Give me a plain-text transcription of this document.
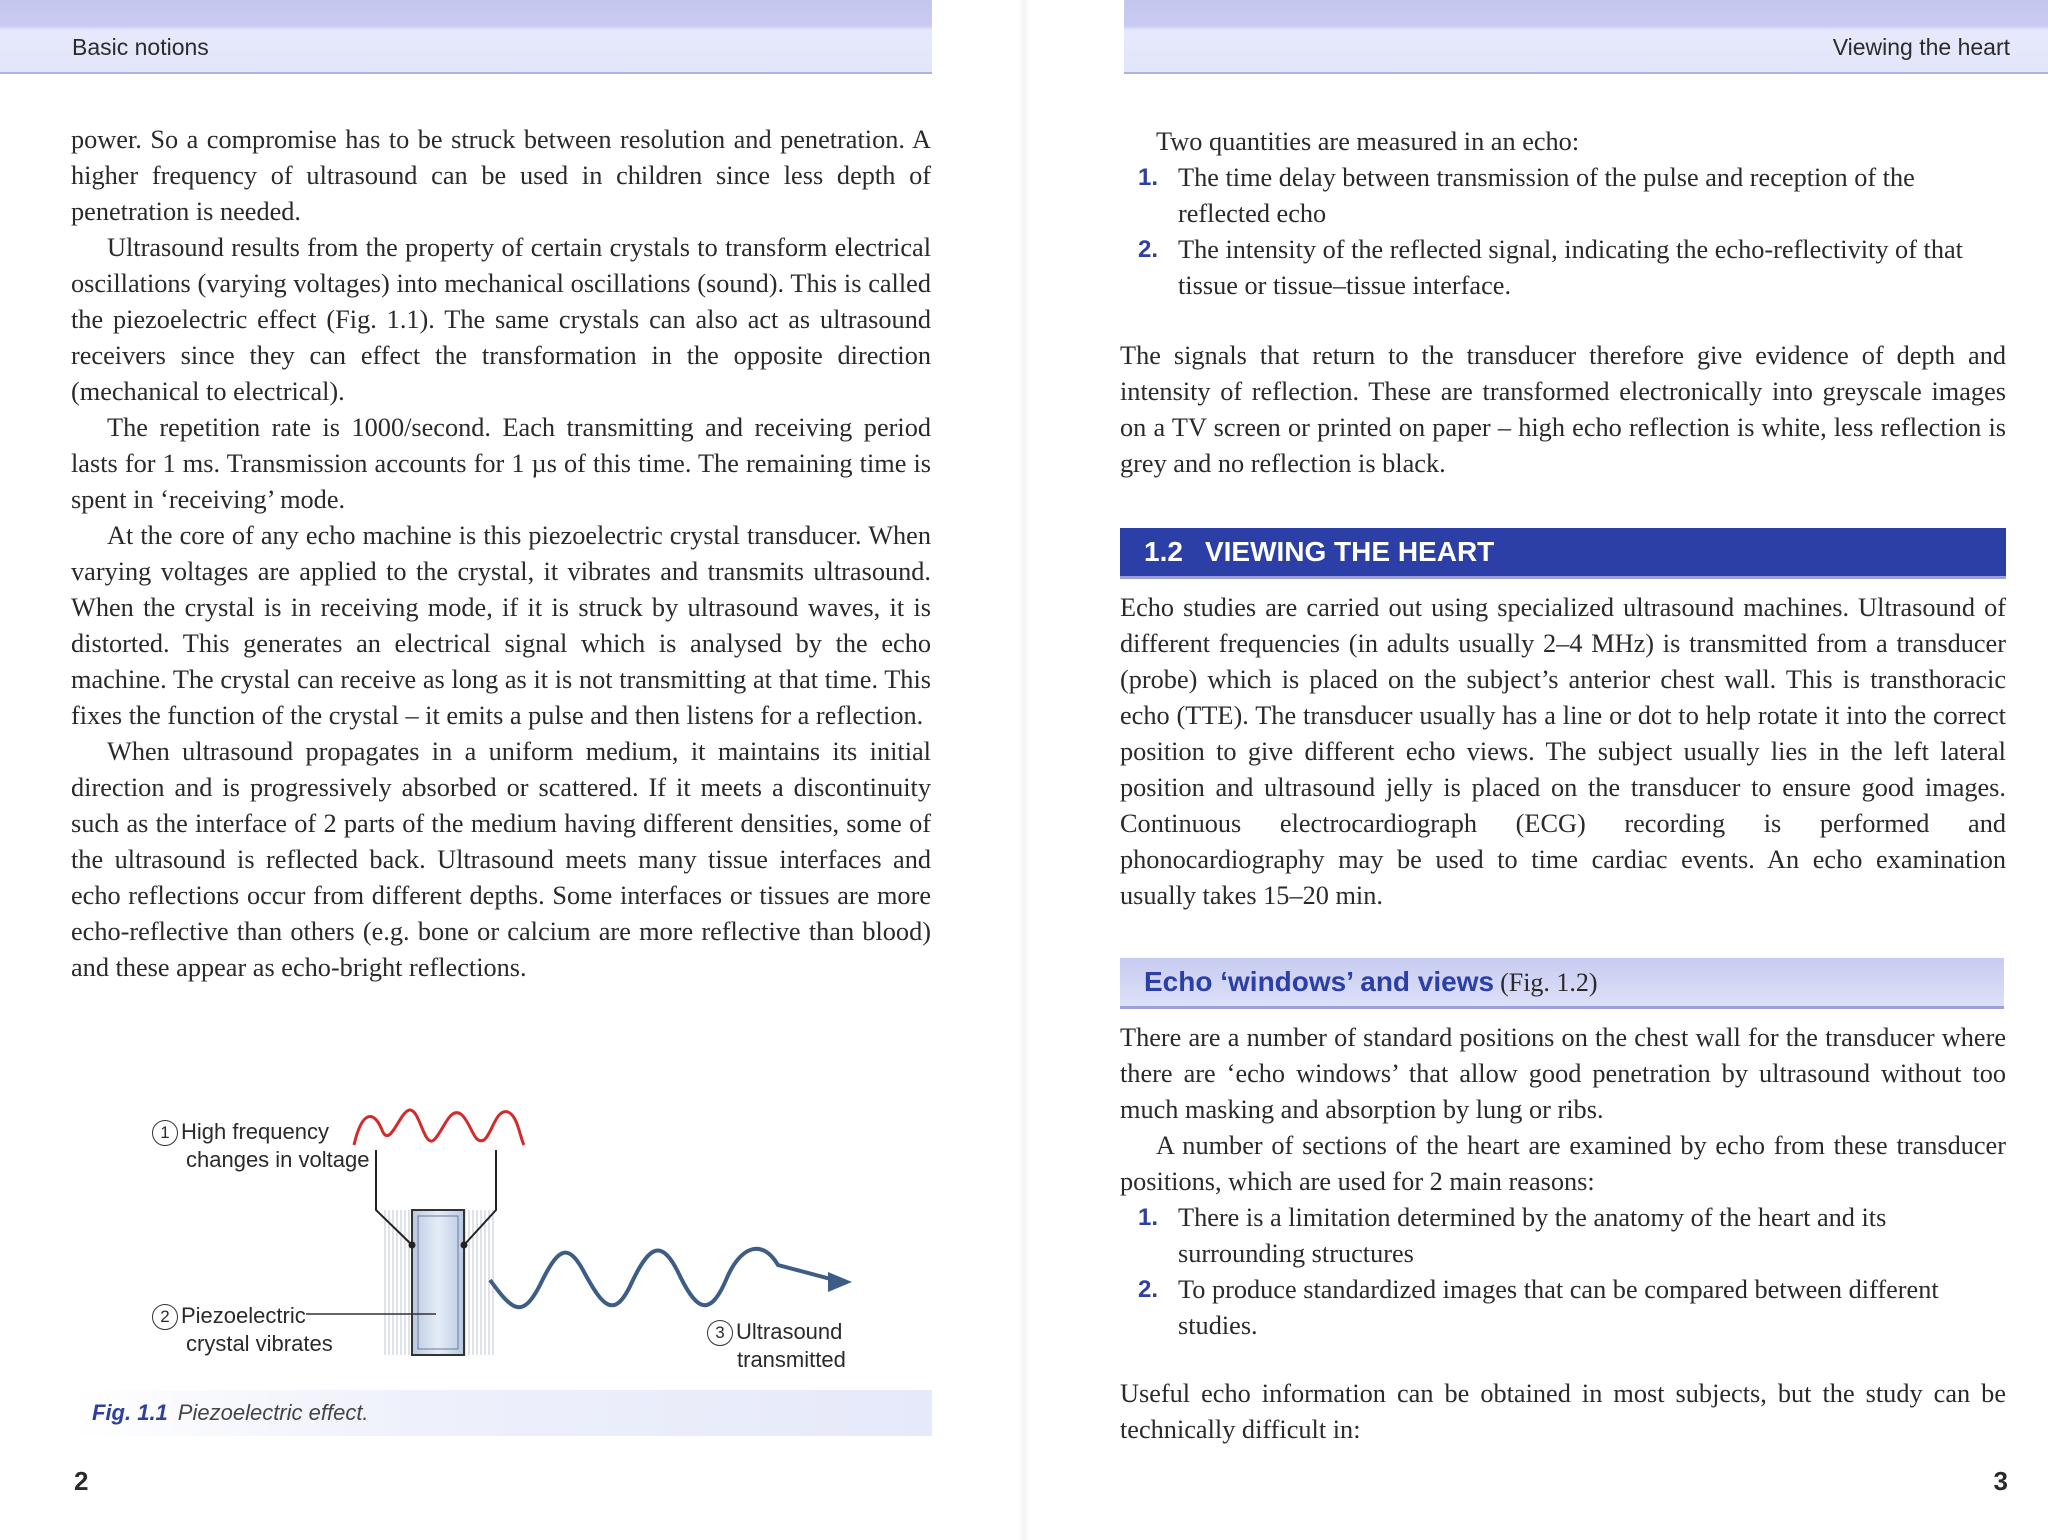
Basic notions

power. So a compromise has to be struck between resolution and penetration. A higher frequency of ultrasound can be used in children since less depth of penetration is needed.

Ultrasound results from the property of certain crystals to transform electrical oscillations (varying voltages) into mechanical oscillations (sound). This is called the piezoelectric effect (Fig. 1.1). The same crystals can also act as ultrasound receivers since they can effect the transformation in the opposite direction (mechanical to electrical).

The repetition rate is 1000/second. Each transmitting and receiving period lasts for 1 ms. Transmission accounts for 1 µs of this time. The remaining time is spent in ‘receiving’ mode.

At the core of any echo machine is this piezoelectric crystal transducer. When varying voltages are applied to the crystal, it vibrates and transmits ultrasound. When the crystal is in receiving mode, if it is struck by ultrasound waves, it is distorted. This generates an electrical signal which is analysed by the echo machine. The crystal can receive as long as it is not transmitting at that time. This fixes the function of the crystal – it emits a pulse and then listens for a reflection.

When ultrasound propagates in a uniform medium, it maintains its initial direction and is progressively absorbed or scattered. If it meets a discontinuity such as the interface of 2 parts of the medium having different densities, some of the ultrasound is reflected back. Ultrasound meets many tissue interfaces and echo reflections occur from different depths. Some interfaces or tissues are more echo-reflective than others (e.g. bone or calcium are more reflective than blood) and these appear as echo-bright reflections.

1 High frequency
changes in voltage
2 Piezoelectric
crystal vibrates	3 Ultrasound
transmitted
Fig. 1.1 Piezoelectric effect.
2
Viewing the heart

Two quantities are measured in an echo:

1. The time delay between transmission of the pulse and reception of the reflected echo
2. The intensity of the reflected signal, indicating the echo-reflectivity of that tissue or tissue–tissue interface.

The signals that return to the transducer therefore give evidence of depth and intensity of reflection. These are transformed electronically into greyscale images on a TV screen or printed on paper – high echo reflection is white, less reflection is grey and no reflection is black.

1.2 VIEWING THE HEART

Echo studies are carried out using specialized ultrasound machines. Ultrasound of different frequencies (in adults usually 2–4 MHz) is transmitted from a transducer (probe) which is placed on the subject’s anterior chest wall. This is transthoracic echo (TTE). The transducer usually has a line or dot to help rotate it into the correct position to give different echo views. The subject usually lies in the left lateral position and ultrasound jelly is placed on the transducer to ensure good images. Continuous electrocardiograph (ECG) recording is performed and phonocardiography may be used to time cardiac events. An echo examination usually takes 15–20 min.

Echo ‘windows’ and views (Fig. 1.2)

There are a number of standard positions on the chest wall for the transducer where there are ‘echo windows’ that allow good penetration by ultrasound without too much masking and absorption by lung or ribs.

A number of sections of the heart are examined by echo from these transducer positions, which are used for 2 main reasons:

1. There is a limitation determined by the anatomy of the heart and its surrounding structures
2. To produce standardized images that can be compared between different studies.

Useful echo information can be obtained in most subjects, but the study can be technically difficult in:

3
